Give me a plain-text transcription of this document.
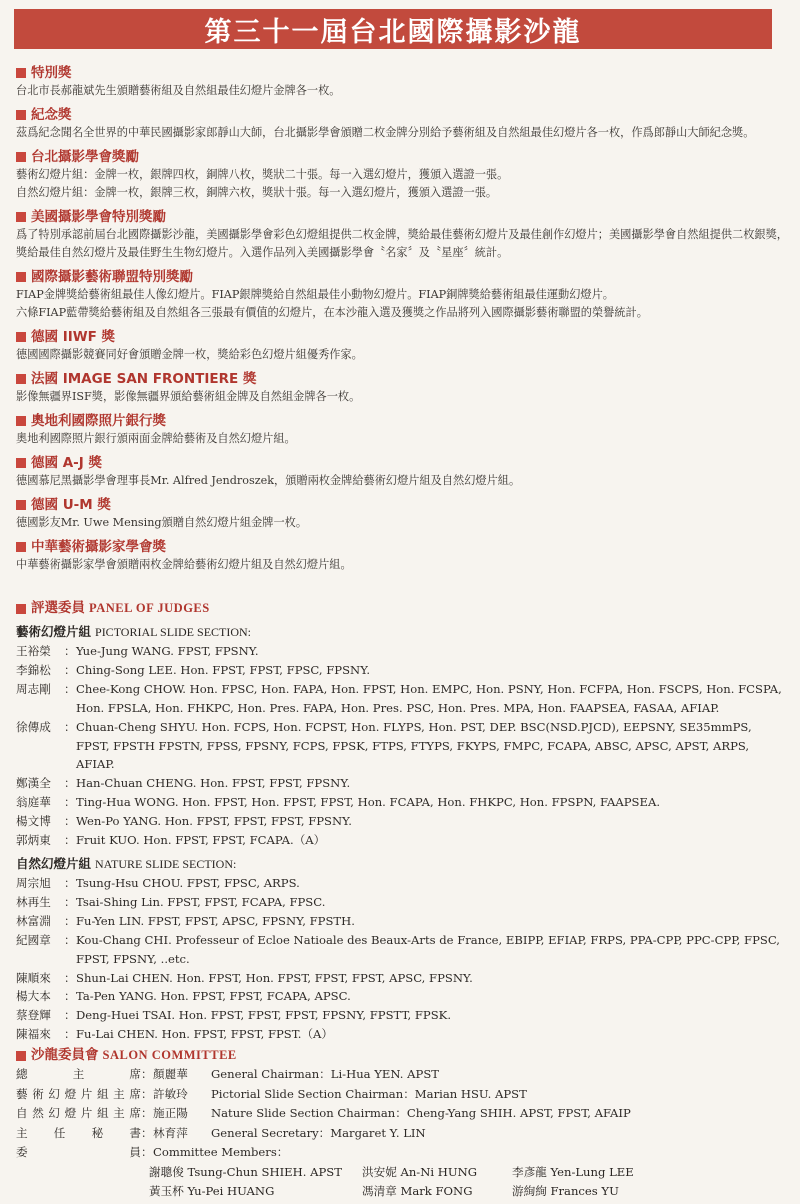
第三十一屆台北國際攝影沙龍
特別獎
台北市長郝龍斌先生頒贈藝術組及自然組最佳幻燈片金牌各一枚。
紀念獎
茲爲紀念聞名全世界的中華民國攝影家郎靜山大師，台北攝影學會頒贈二枚金牌分別給予藝術組及自然組最佳幻燈片各一枚，作爲郎靜山大師紀念獎。
台北攝影學會獎勵
藝術幻燈片組：金牌一枚，銀牌四枚，銅牌八枚，獎狀二十張。每一入選幻燈片，獲頒入選證一張。
自然幻燈片組：金牌一枚，銀牌三枚，銅牌六枚，獎狀十張。每一入選幻燈片，獲頒入選證一張。
美國攝影學會特別獎勵
爲了特別承認前屆台北國際攝影沙龍，美國攝影學會彩色幻燈組提供二枚金牌，獎給最佳藝術幻燈片及最佳創作幻燈片；美國攝影學會自然組提供二枚銀獎，獎給最佳自然幻燈片及最佳野生生物幻燈片。入選作品列入美國攝影學會〝名家〞及〝星座〞統計。
國際攝影藝術聯盟特別獎勵
FIAP金牌獎給藝術組最佳人像幻燈片。FIAP銀牌獎給自然組最佳小動物幻燈片。FIAP銅牌獎給藝術組最佳運動幻燈片。
六條FIAP藍帶獎給藝術組及自然組各三張最有價值的幻燈片，在本沙龍入選及獲獎之作品將列入國際攝影藝術聯盟的榮譽統計。
德國 IIWF 獎
德國國際攝影競賽同好會頒贈金牌一枚，獎給彩色幻燈片組優秀作家。
法國 IMAGE SAN FRONTIERE 獎
影像無疆界ISF獎，影像無疆界頒給藝術組金牌及自然組金牌各一枚。
奧地利國際照片銀行獎
奧地利國際照片銀行頒兩面金牌給藝術及自然幻燈片組。
德國 A-J 獎
德國慕尼黑攝影學會理事長Mr. Alfred Jendroszek，頒贈兩枚金牌給藝術幻燈片組及自然幻燈片組。
德國 U-M 獎
德國影友Mr. Uwe Mensing頒贈自然幻燈片組金牌一枚。
中華藝術攝影家學會獎
中華藝術攝影家學會頒贈兩枚金牌給藝術幻燈片組及自然幻燈片組。
評選委員 PANEL OF JUDGES
藝術幻燈片組 PICTORIAL SLIDE SECTION:
王裕榮	： Yue-Jung WANG. FPST, FPSNY.
李錦松	： Ching-Song LEE. Hon. FPST, FPST, FPSC, FPSNY.
周志剛	： Chee-Kong CHOW. Hon. FPSC, Hon. FAPA, Hon. FPST, Hon. EMPC, Hon. PSNY, Hon. FCFPA, Hon. FSCPS, Hon. FCSPA, Hon. FPSLA, Hon. FHKPC, Hon. Pres. FAPA, Hon. Pres. PSC, Hon. Pres. MPA, Hon. FAAPSEA, FASAA, AFIAP.
徐傳成	： Chuan-Cheng SHYU. Hon. FCPS, Hon. FCPST, Hon. FLYPS, Hon. PST, DEP. BSC(NSD.PJCD), EEPSNY, SE35mmPS, FPST, FPSTH FPSTN, FPSS, FPSNY, FCPS, FPSK, FTPS, FTYPS, FKYPS, FMPC, FCAPA, ABSC, APSC, APST, ARPS, AFIAP.
鄭漢全	： Han-Chuan CHENG. Hon. FPST, FPST, FPSNY.
翁庭華	： Ting-Hua WONG. Hon. FPST, Hon. FPST, FPST, Hon. FCAPA, Hon. FHKPC, Hon. FPSPN, FAAPSEA.
楊文博	： Wen-Po YANG. Hon. FPST, FPST, FPST, FPSNY.
郭炳東	： Fruit KUO. Hon. FPST, FPST, FCAPA.（A）
自然幻燈片組 NATURE SLIDE SECTION:
周宗旭	： Tsung-Hsu CHOU. FPST, FPSC, ARPS.
林再生	： Tsai-Shing Lin. FPST, FPST, FCAPA, FPSC.
林富淵	： Fu-Yen LIN. FPST, FPST, APSC, FPSNY, FPSTH.
紀國章	： Kou-Chang CHI. Professeur of Ecloe Natioale des Beaux-Arts de France, EBIPP, EFIAP, FRPS, PPA-CPP, PPC-CPP, FPSC, FPST, FPSNY, ..etc.
陳順來	： Shun-Lai CHEN. Hon. FPST, Hon. FPST, FPST, FPST, APSC, FPSNY.
楊大本	： Ta-Pen YANG. Hon. FPST, FPST, FCAPA, APSC.
蔡登輝	： Deng-Huei TSAI. Hon. FPST, FPST, FPST, FPSNY, FPSTT, FPSK.
陳福來	： Fu-Lai CHEN. Hon. FPST, FPST, FPST.（A）
沙龍委員會 SALON COMMITTEE
總	主	席 ： 顏麗華	General Chairman：Li-Hua YEN. APST
藝 術 幻 燈 片 組 主 席 ： 許敏玲	Pictorial Slide Section Chairman：Marian HSU. APST
自 然 幻 燈 片 組 主 席 ： 施正陽	Nature Slide Section Chairman：Cheng-Yang SHIH. APST, FPST, AFAIP
主 任 秘 書 ： 林育萍	General Secretary：Margaret Y. LIN
委	員 ： Committee Members：
謝聰俊 Tsung-Chun SHIEH. APST	洪安妮 An-Ni HUNG	李彥龍 Yen-Lung LEE
黃玉杯 Yu-Pei HUANG	馮清章 Mark FONG	游絢絢 Frances YU
